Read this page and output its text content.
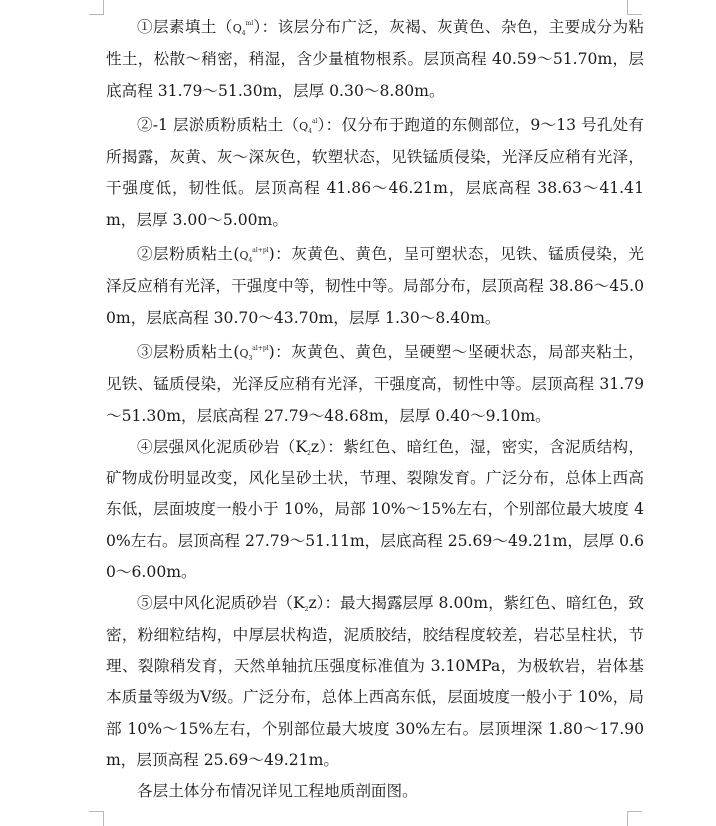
①层素填土$(Q_4^{ml})$：该层分布广泛，灰褐、灰黄色、杂色，主要成分为粘性土，松散～稍密，稍湿，含少量植物根系。层顶高程 40.59～51.70m，层底高程 31.79～51.30m，层厚 0.30～8.80m。

②-1 层淤质粉质粘土$(Q_4^{al})$：仅分布于跑道的东侧部位，9～13 号孔处有所揭露，灰黄、灰～深灰色，软塑状态，见铁锰质侵染，光泽反应稍有光泽，干强度低，韧性低。层顶高程 41.86～46.21m，层底高程 38.63～41.41m，层厚 3.00～5.00m。

②层粉质粘土$(Q_4^{al+pl})$：灰黄色、黄色，呈可塑状态，见铁、锰质侵染，光泽反应稍有光泽，干强度中等，韧性中等。局部分布，层顶高程 38.86～45.00m，层底高程 30.70～43.70m，层厚 1.30～8.40m。

③层粉质粘土$(Q_3^{al+pl})$：灰黄色、黄色，呈硬塑～坚硬状态，局部夹粘土，见铁、锰质侵染，光泽反应稍有光泽，干强度高，韧性中等。层顶高程 31.79～51.30m，层底高程 27.79～48.68m，层厚 0.40～9.10m。

④层强风化泥质砂岩$(K_2z)$：紫红色、暗红色，湿，密实，含泥质结构，矿物成份明显改变，风化呈砂土状，节理、裂隙发育。广泛分布，总体上西高东低，层面坡度一般小于 10%，局部 10%～15%左右，个别部位最大坡度 40%左右。层顶高程 27.79～51.11m，层底高程 25.69～49.21m，层厚 0.60～6.00m。

⑤层中风化泥质砂岩$(K_2z)$：最大揭露层厚 8.00m，紫红色、暗红色，致密，粉细粒结构，中厚层状构造，泥质胶结，胶结程度较差，岩芯呈柱状，节理、裂隙稍发育，天然单轴抗压强度标准值为 3.10MPa，为极软岩，岩体基本质量等级为Ⅴ级。广泛分布，总体上西高东低，层面坡度一般小于 10%，局部 10%～15%左右，个别部位最大坡度 30%左右。层顶埋深 1.80～17.90m，层顶高程 25.69～49.21m。

各层土体分布情况详见工程地质剖面图。
